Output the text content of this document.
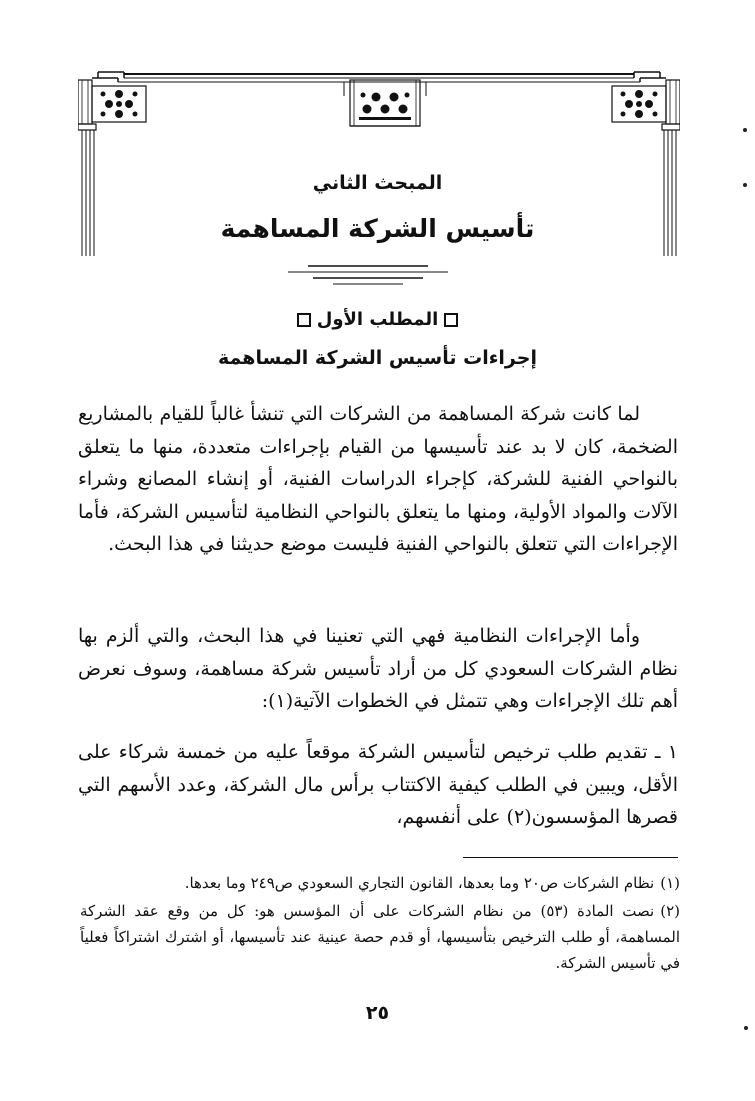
المبحث الثاني
تأسيس الشركة المساهمة
المطلب الأول
إجراءات تأسيس الشركة المساهمة

لما كانت شركة المساهمة من الشركات التي تنشأ غالباً للقيام بالمشاريع الضخمة، كان لا بد عند تأسيسها من القيام بإجراءات متعددة، منها ما يتعلق بالنواحي الفنية للشركة، كإجراء الدراسات الفنية، أو إنشاء المصانع وشراء الآلات والمواد الأولية، ومنها ما يتعلق بالنواحي النظامية لتأسيس الشركة، فأما الإجراءات التي تتعلق بالنواحي الفنية فليست موضع حديثنا في هذا البحث.

وأما الإجراءات النظامية فهي التي تعنينا في هذا البحث، والتي ألزم بها نظام الشركات السعودي كل من أراد تأسيس شركة مساهمة، وسوف نعرض أهم تلك الإجراءات وهي تتمثل في الخطوات الآتية(١):

١ ـ تقديم طلب ترخيص لتأسيس الشركة موقعاً عليه من خمسة شركاء على الأقل، ويبين في الطلب كيفية الاكتتاب برأس مال الشركة، وعدد الأسهم التي قصرها المؤسسون(٢) على أنفسهم،

(١)نظام الشركات ص٢٠ وما بعدها، القانون التجاري السعودي ص٢٤٩ وما بعدها.
(٢)نصت المادة (٥٣) من نظام الشركات على أن المؤسس هو: كل من وقع عقد الشركة المساهمة، أو طلب الترخيص بتأسيسها، أو قدم حصة عينية عند تأسيسها، أو اشترك اشتراكاً فعلياً في تأسيس الشركة.
٢٥
